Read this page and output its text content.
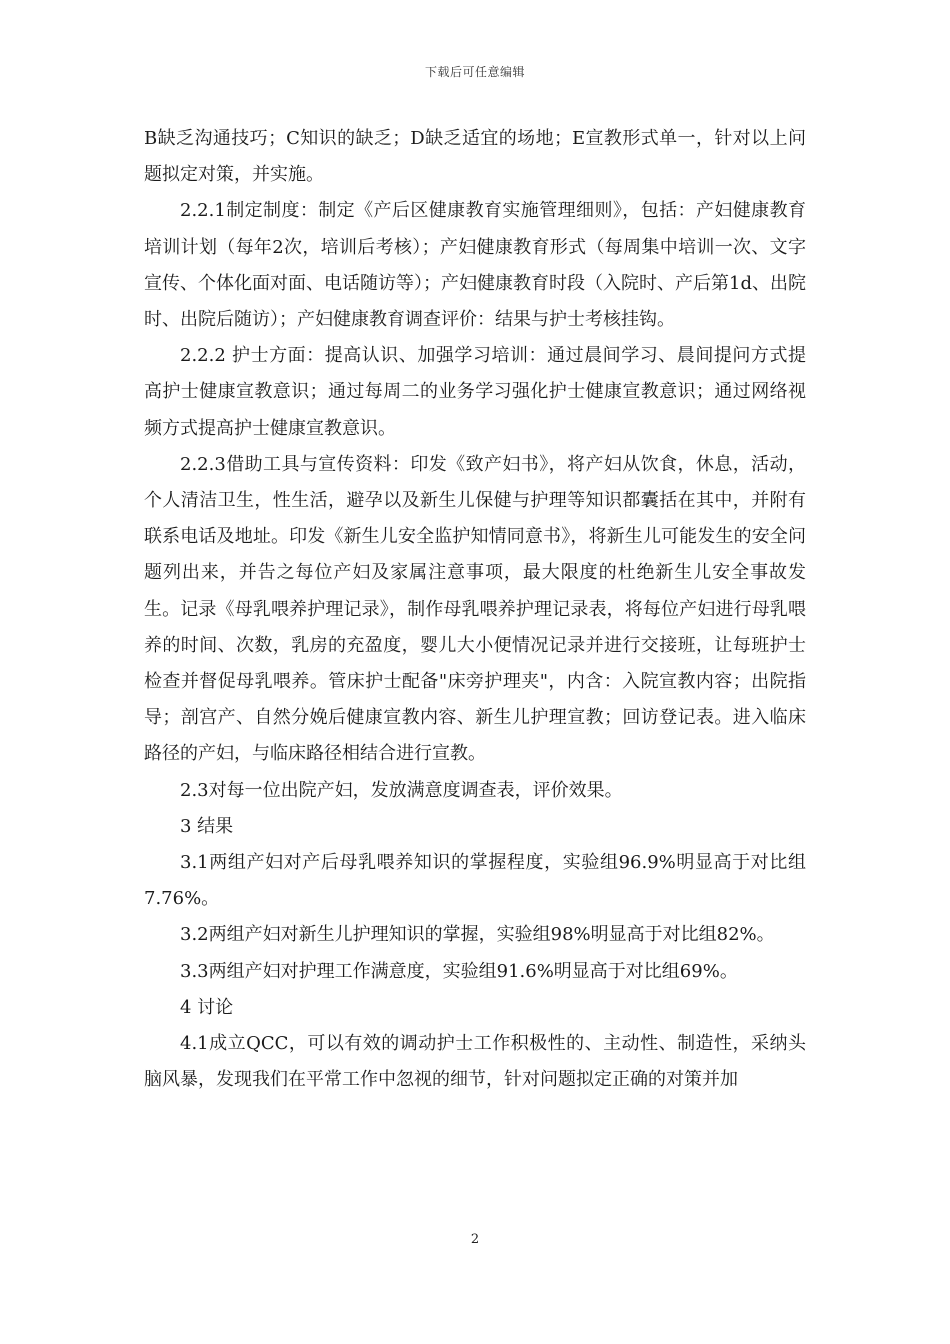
下载后可任意编辑

B缺乏沟通技巧；C知识的缺乏；D缺乏适宜的场地；E宣教形式单一，针对以上问题拟定对策，并实施。

2.2.1制定制度：制定《产后区健康教育实施管理细则》，包括：产妇健康教育培训计划（每年2次，培训后考核）；产妇健康教育形式（每周集中培训一次、文字宣传、个体化面对面、电话随访等）；产妇健康教育时段（入院时、产后第1d、出院时、出院后随访）；产妇健康教育调查评价：结果与护士考核挂钩。

2.2.2 护士方面：提高认识、加强学习培训：通过晨间学习、晨间提问方式提高护士健康宣教意识；通过每周二的业务学习强化护士健康宣教意识；通过网络视频方式提高护士健康宣教意识。

2.2.3借助工具与宣传资料：印发《致产妇书》，将产妇从饮食，休息，活动，个人清洁卫生，性生活，避孕以及新生儿保健与护理等知识都囊括在其中，并附有联系电话及地址。印发《新生儿安全监护知情同意书》，将新生儿可能发生的安全问题列出来，并告之每位产妇及家属注意事项，最大限度的杜绝新生儿安全事故发生。记录《母乳喂养护理记录》，制作母乳喂养护理记录表，将每位产妇进行母乳喂养的时间、次数，乳房的充盈度，婴儿大小便情况记录并进行交接班，让每班护士检查并督促母乳喂养。管床护士配备"床旁护理夹"，内含：入院宣教内容；出院指导；剖宫产、自然分娩后健康宣教内容、新生儿护理宣教；回访登记表。进入临床路径的产妇，与临床路径相结合进行宣教。

2.3对每一位出院产妇，发放满意度调查表，评价效果。

3 结果

3.1两组产妇对产后母乳喂养知识的掌握程度，实验组96.9%明显高于对比组7.76%。

3.2两组产妇对新生儿护理知识的掌握，实验组98%明显高于对比组82%。

3.3两组产妇对护理工作满意度，实验组91.6%明显高于对比组69%。

4 讨论

4.1成立QCC，可以有效的调动护士工作积极性的、主动性、制造性，采纳头脑风暴，发现我们在平常工作中忽视的细节，针对问题拟定正确的对策并加

2
